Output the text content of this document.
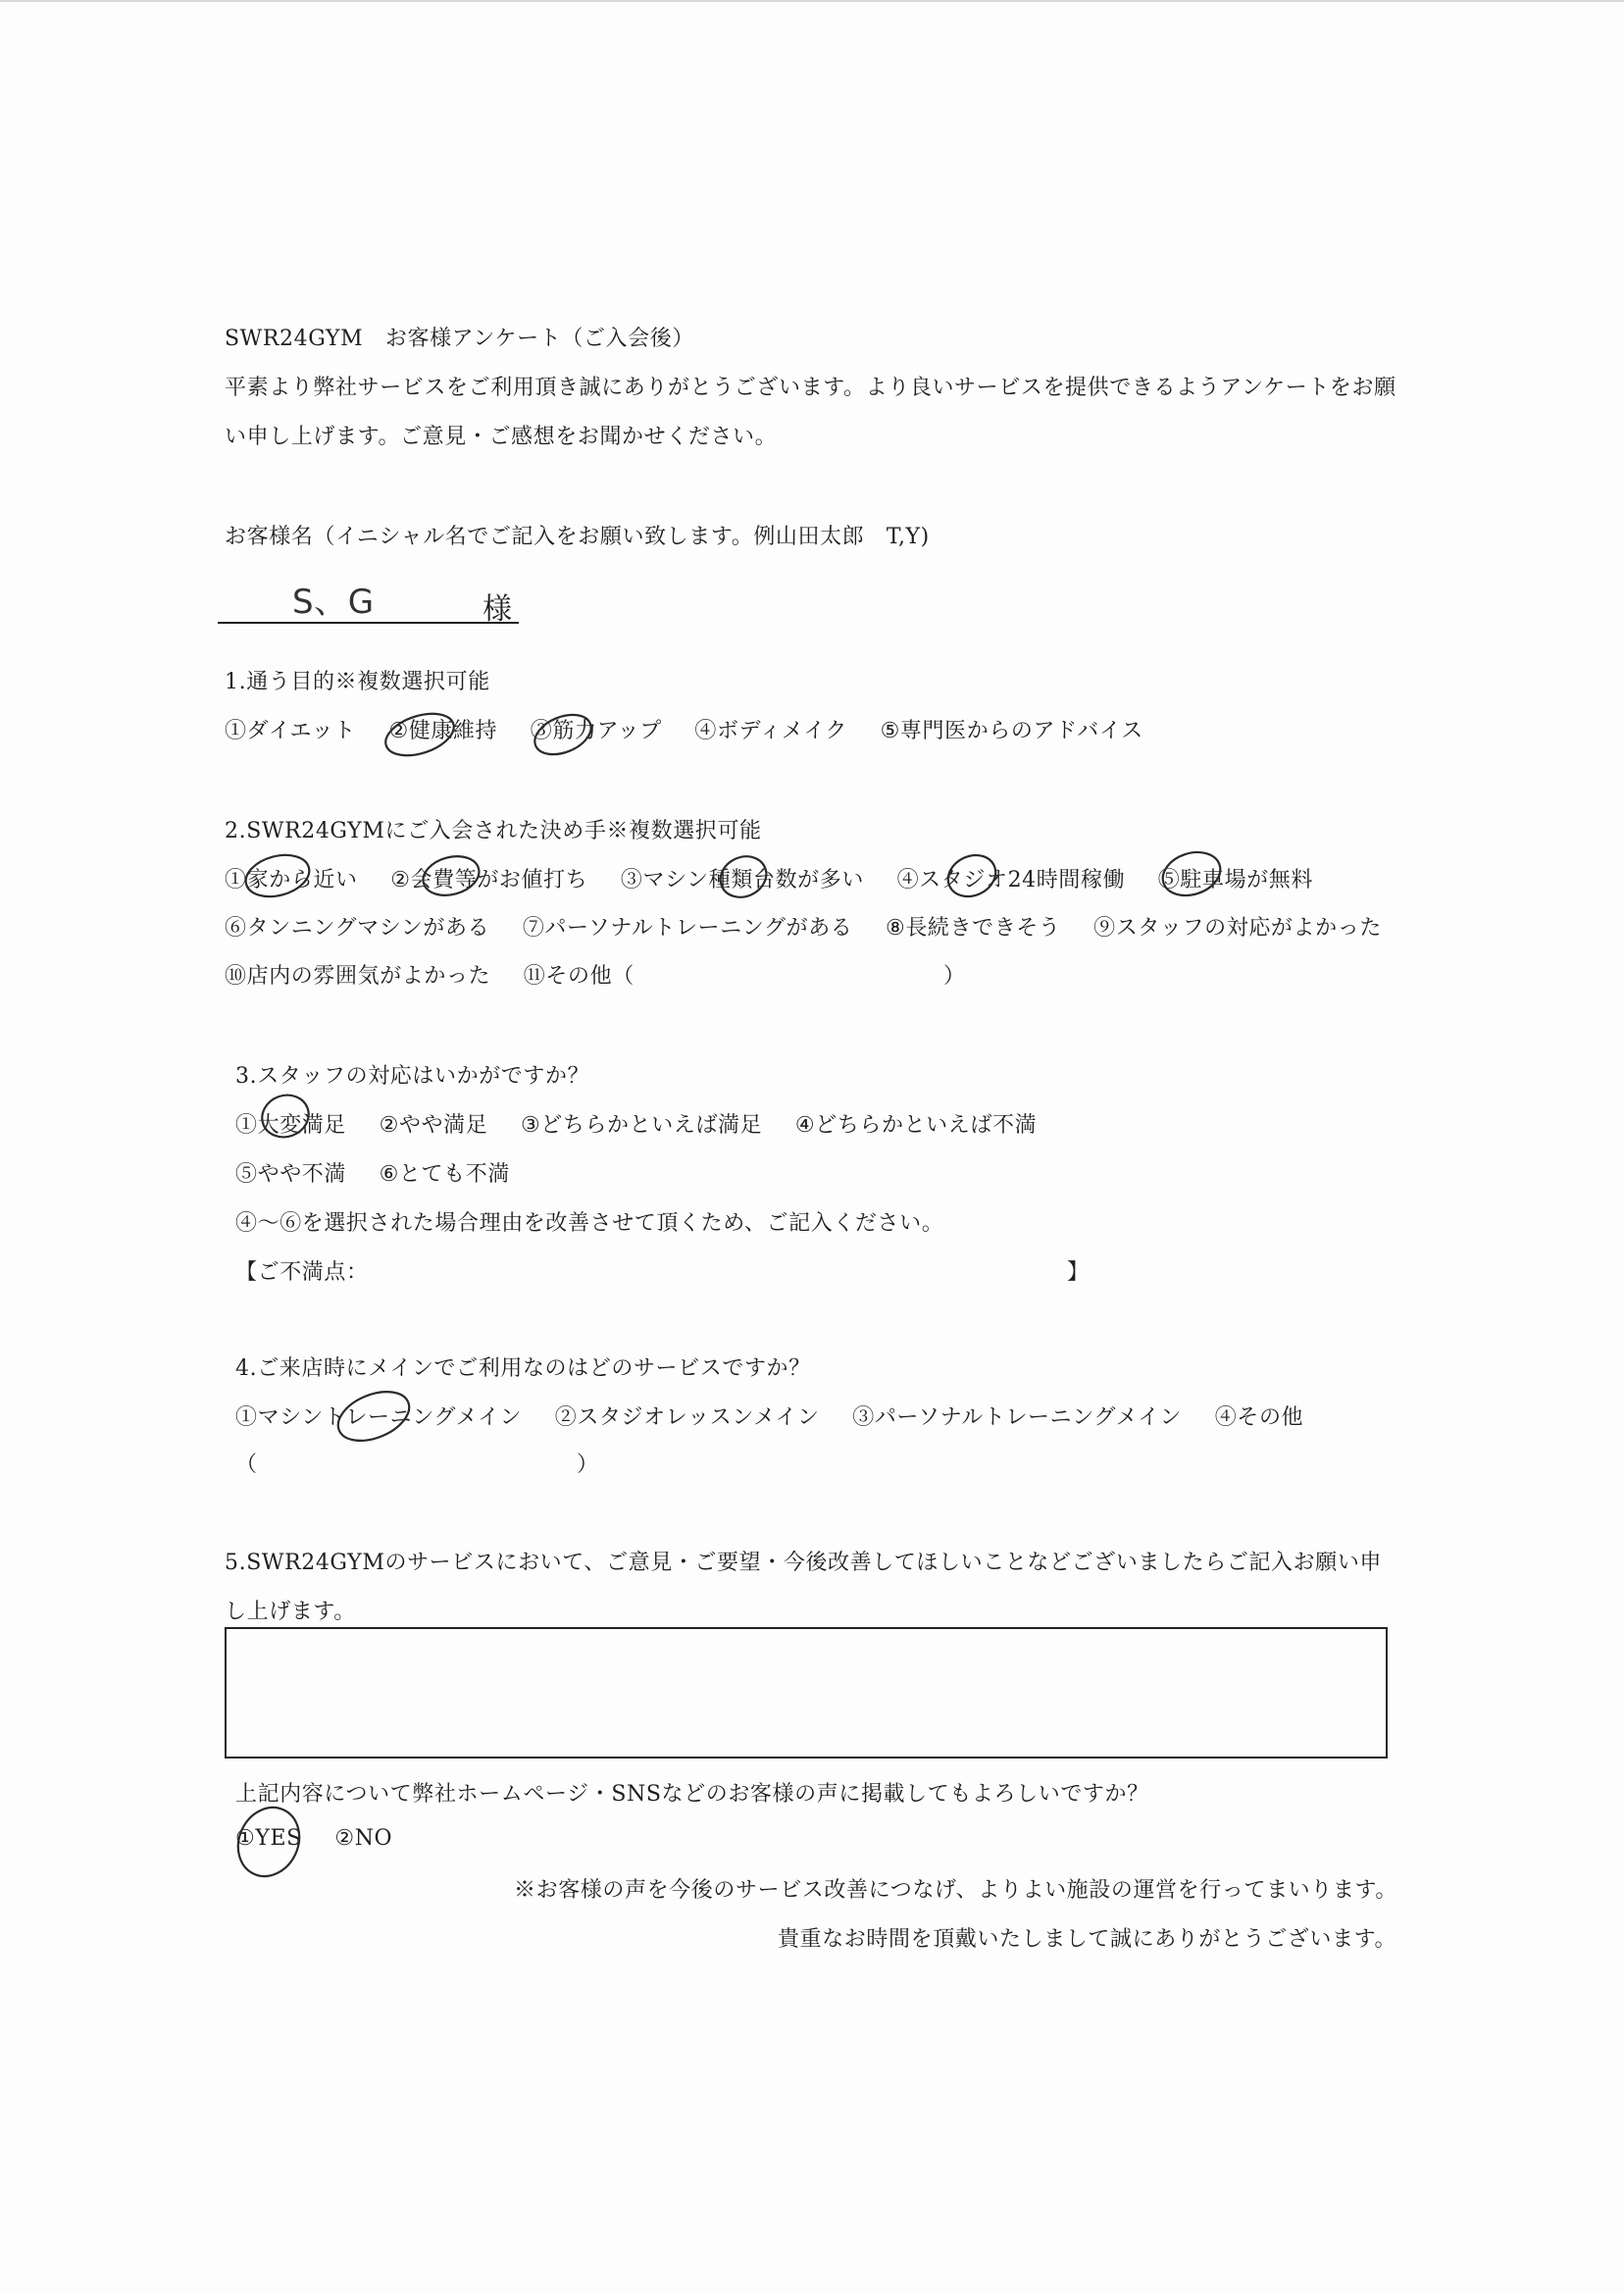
SWR24GYM　お客様アンケート（ご入会後）
平素より弊社サービスをご利用頂き誠にありがとうございます。より良いサービスを提供できるようアンケートをお願
い申し上げます。ご意見・ご感想をお聞かせください。
お客様名（イニシャル名でご記入をお願い致します。例山田太郎　T,Y)
S、G	様
1.通う目的※複数選択可能
①ダイエット ②健康維持 ③筋力アップ ④ボディメイク ⑤専門医からのアドバイス
2.SWR24GYMにご入会された決め手※複数選択可能
①家から近い ②会費等がお値打ち ③マシン種類台数が多い ④スタジオ24時間稼働 ⑤駐車場が無料
⑥タンニングマシンがある ⑦パーソナルトレーニングがある ⑧長続きできそう ⑨スタッフの対応がよかった
⑩店内の雰囲気がよかった ⑪その他（	）
3.スタッフの対応はいかがですか？
①大変満足 ②やや満足 ③どちらかといえば満足 ④どちらかといえば不満
⑤やや不満 ⑥とても不満
④～⑥を選択された場合理由を改善させて頂くため、ご記入ください。
【ご不満点：	】
4.ご来店時にメインでご利用なのはどのサービスですか？
①マシントレーニングメイン ②スタジオレッスンメイン ③パーソナルトレーニングメイン ④その他
（	）
5.SWR24GYMのサービスにおいて、ご意見・ご要望・今後改善してほしいことなどございましたらご記入お願い申
し上げます。
上記内容について弊社ホームページ・SNSなどのお客様の声に掲載してもよろしいですか？
①YES ②NO
※お客様の声を今後のサービス改善につなげ、よりよい施設の運営を行ってまいります。
貴重なお時間を頂戴いたしまして誠にありがとうございます。
